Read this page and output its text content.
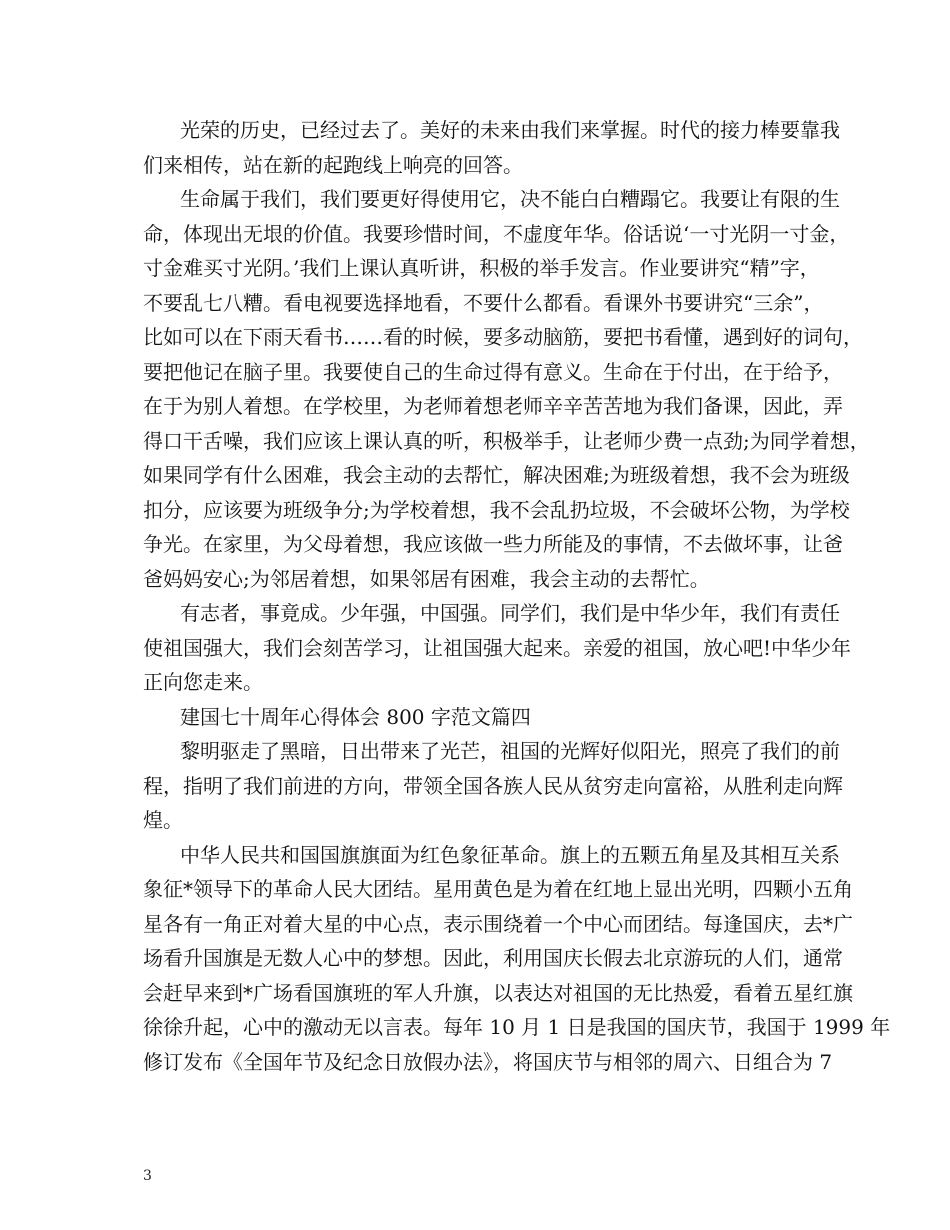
光荣的历史，已经过去了。美好的未来由我们来掌握。时代的接力棒要靠我
们来相传，站在新的起跑线上响亮的回答。
生命属于我们，我们要更好得使用它，决不能白白糟蹋它。我要让有限的生
命，体现出无垠的价值。我要珍惜时间，不虚度年华。俗话说‘一寸光阴一寸金，
寸金难买寸光阴。’我们上课认真听讲，积极的举手发言。作业要讲究“精”字，
不要乱七八糟。看电视要选择地看，不要什么都看。看课外书要讲究“三余”，
比如可以在下雨天看书……看的时候，要多动脑筋，要把书看懂，遇到好的词句，
要把他记在脑子里。我要使自己的生命过得有意义。生命在于付出，在于给予，
在于为别人着想。在学校里，为老师着想老师辛辛苦苦地为我们备课，因此，弄
得口干舌噪，我们应该上课认真的听，积极举手，让老师少费一点劲;为同学着想，
如果同学有什么困难，我会主动的去帮忙，解决困难;为班级着想，我不会为班级
扣分，应该要为班级争分;为学校着想，我不会乱扔垃圾，不会破坏公物，为学校
争光。在家里，为父母着想，我应该做一些力所能及的事情，不去做坏事，让爸
爸妈妈安心;为邻居着想，如果邻居有困难，我会主动的去帮忙。
有志者，事竟成。少年强，中国强。同学们，我们是中华少年，我们有责任
使祖国强大，我们会刻苦学习，让祖国强大起来。亲爱的祖国，放心吧!中华少年
正向您走来。
建国七十周年心得体会 800 字范文篇四
黎明驱走了黑暗，日出带来了光芒，祖国的光辉好似阳光，照亮了我们的前
程，指明了我们前进的方向，带领全国各族人民从贫穷走向富裕，从胜利走向辉
煌。
中华人民共和国国旗旗面为红色象征革命。旗上的五颗五角星及其相互关系
象征*领导下的革命人民大团结。星用黄色是为着在红地上显出光明，四颗小五角
星各有一角正对着大星的中心点，表示围绕着一个中心而团结。每逢国庆，去*广
场看升国旗是无数人心中的梦想。因此，利用国庆长假去北京游玩的人们，通常
会赶早来到*广场看国旗班的军人升旗，以表达对祖国的无比热爱，看着五星红旗
徐徐升起，心中的激动无以言表。每年 10 月 1 日是我国的国庆节，我国于 1999 年
修订发布《全国年节及纪念日放假办法》，将国庆节与相邻的周六、日组合为 7
3
